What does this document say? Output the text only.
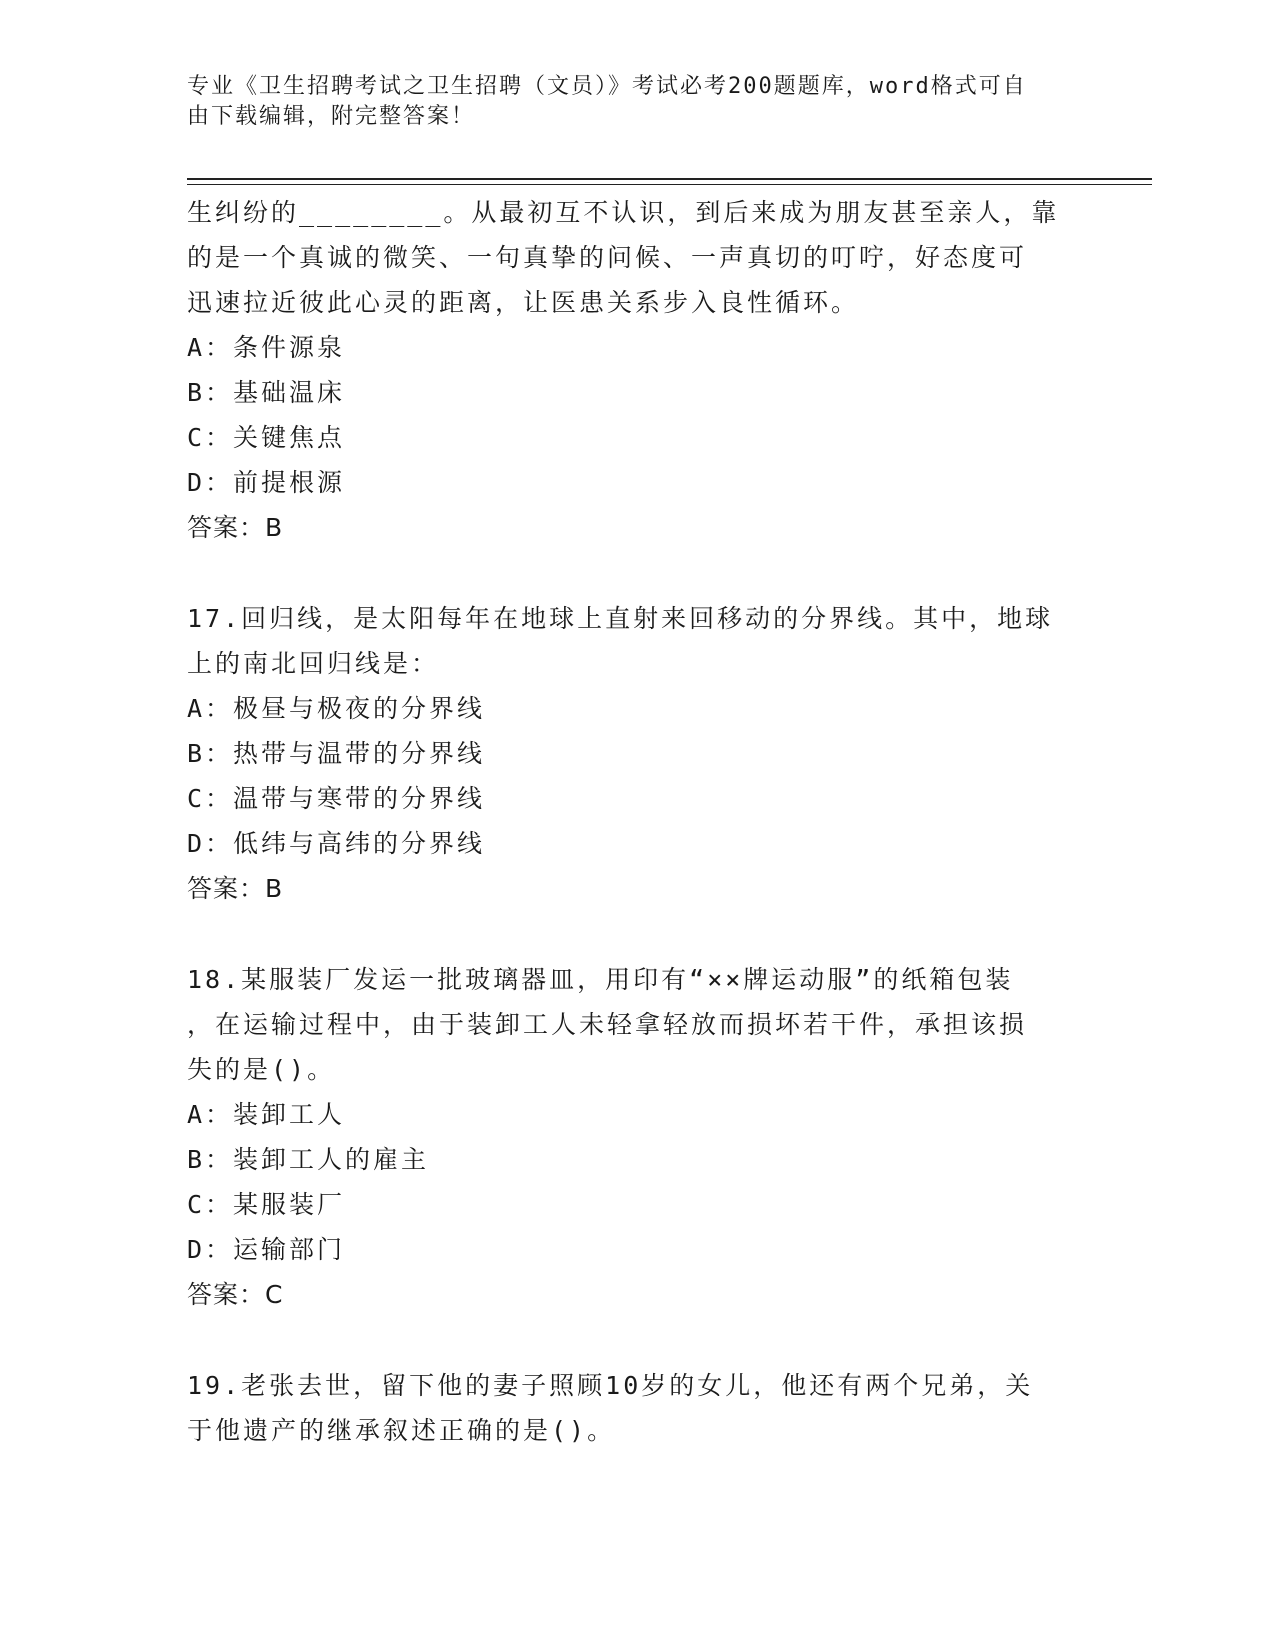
专业《卫生招聘考试之卫生招聘（文员）》考试必考200题题库，word格式可自
由下载编辑，附完整答案！

生纠纷的________。从最初互不认识，到后来成为朋友甚至亲人，靠

的是一个真诚的微笑、一句真挚的问候、一声真切的叮咛，好态度可

迅速拉近彼此心灵的距离，让医患关系步入良性循环。

A：条件源泉

B：基础温床

C：关键焦点

D：前提根源

答案：B

17.回归线，是太阳每年在地球上直射来回移动的分界线。其中，地球

上的南北回归线是：

A：极昼与极夜的分界线

B：热带与温带的分界线

C：温带与寒带的分界线

D：低纬与高纬的分界线

答案：B

18.某服装厂发运一批玻璃器皿，用印有“××牌运动服”的纸箱包装

，在运输过程中，由于装卸工人未轻拿轻放而损坏若干件，承担该损

失的是()。

A：装卸工人

B：装卸工人的雇主

C：某服装厂

D：运输部门

答案：C

19.老张去世，留下他的妻子照顾10岁的女儿，他还有两个兄弟，关

于他遗产的继承叙述正确的是()。
